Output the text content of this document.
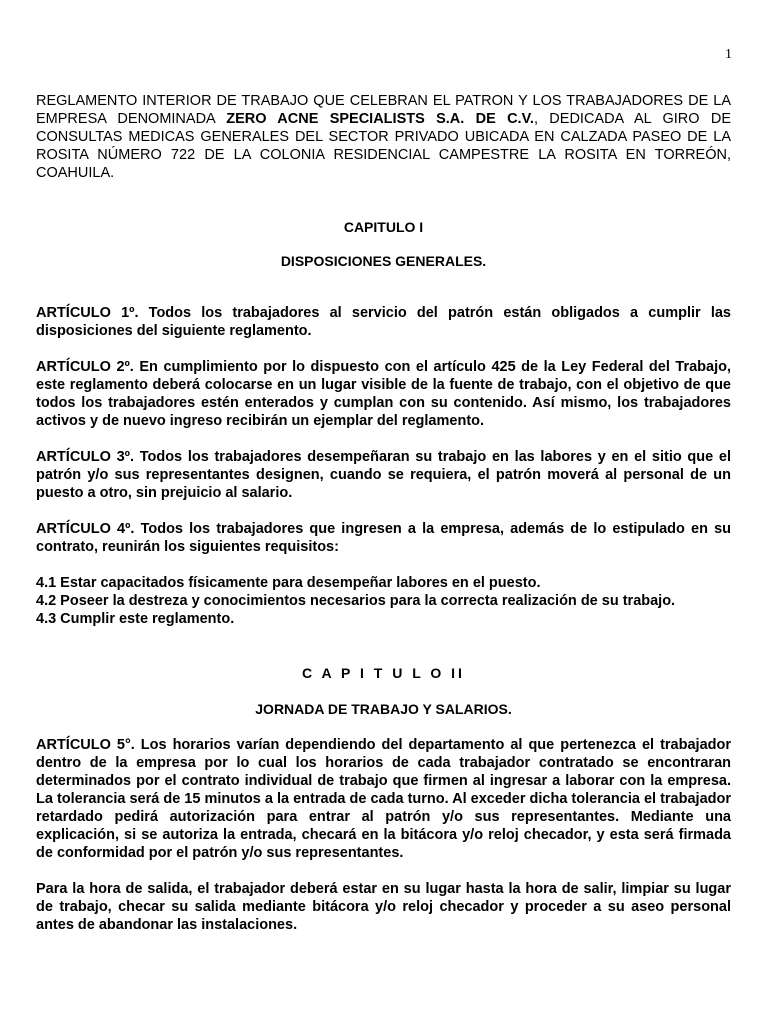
1

REGLAMENTO INTERIOR DE TRABAJO QUE CELEBRAN EL PATRON Y LOS TRABAJADORES DE LA EMPRESA DENOMINADA ZERO ACNE SPECIALISTS S.A. DE C.V., DEDICADA AL GIRO DE CONSULTAS MEDICAS GENERALES DEL SECTOR PRIVADO UBICADA EN CALZADA PASEO DE LA ROSITA NÚMERO 722 DE LA COLONIA RESIDENCIAL CAMPESTRE LA ROSITA EN TORREÓN, COAHUILA.

CAPITULO I

DISPOSICIONES GENERALES.

ARTÍCULO 1º. Todos los trabajadores al servicio del patrón están obligados a cumplir las disposiciones del siguiente reglamento.

ARTÍCULO 2º. En cumplimiento por lo dispuesto con el artículo 425 de la Ley Federal del Trabajo, este reglamento deberá colocarse en un lugar visible de la fuente de trabajo, con el objetivo de que todos los trabajadores estén enterados y cumplan con su contenido. Así mismo, los trabajadores activos y de nuevo ingreso recibirán un ejemplar del reglamento.

ARTÍCULO 3º. Todos los trabajadores desempeñaran su trabajo en las labores y en el sitio que el patrón y/o sus representantes designen, cuando se requiera, el patrón moverá al personal de un puesto a otro, sin prejuicio al salario.

ARTÍCULO 4º. Todos los trabajadores que ingresen a la empresa, además de lo estipulado en su contrato, reunirán los siguientes requisitos:

4.1 Estar capacitados físicamente para desempeñar labores en el puesto.

4.2 Poseer la destreza y conocimientos necesarios para la correcta realización de su trabajo.

4.3 Cumplir este reglamento.

C A P I T U L O II

JORNADA DE TRABAJO Y SALARIOS.

ARTÍCULO 5°. Los horarios varían dependiendo del departamento al que pertenezca el trabajador dentro de la empresa por lo cual los horarios de cada trabajador contratado se encontraran determinados por el contrato individual de trabajo que firmen al ingresar a laborar con la empresa. La tolerancia será de 15 minutos a la entrada de cada turno. Al exceder dicha tolerancia el trabajador retardado pedirá autorización para entrar al patrón y/o sus representantes. Mediante una explicación, si se autoriza la entrada, checará en la bitácora y/o reloj checador, y esta será firmada de conformidad por el patrón y/o sus representantes.

Para la hora de salida, el trabajador deberá estar en su lugar hasta la hora de salir, limpiar su lugar de trabajo, checar su salida mediante bitácora y/o reloj checador y proceder a su aseo personal antes de abandonar las instalaciones.
